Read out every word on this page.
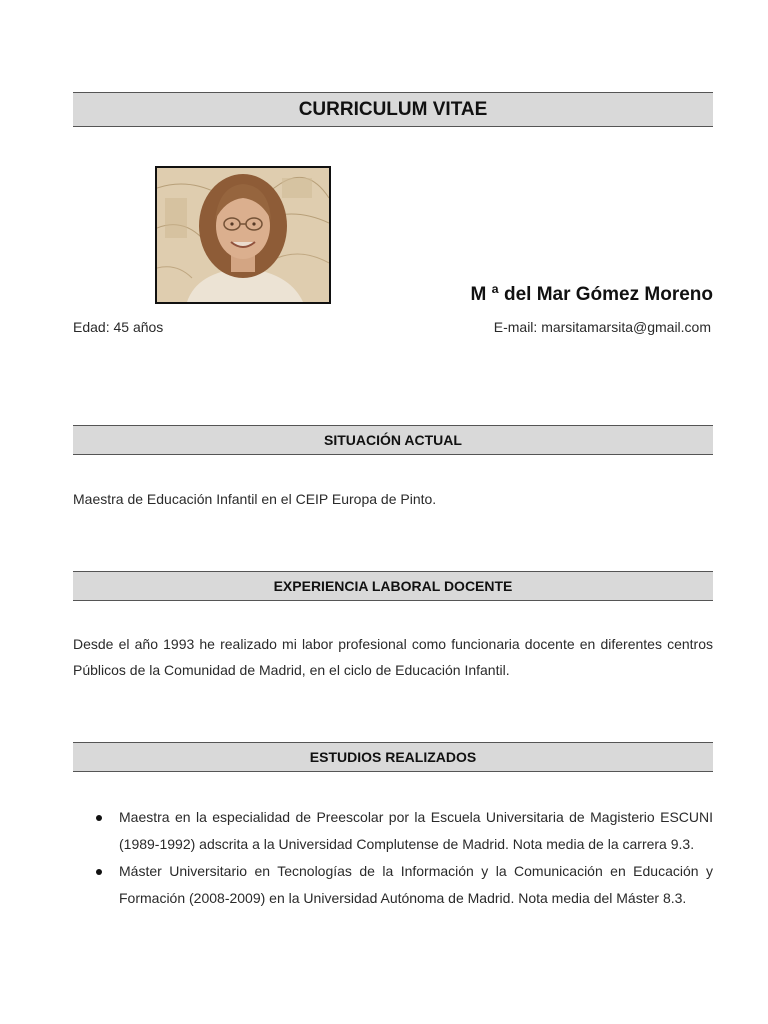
CURRICULUM VITAE
M ª del Mar Gómez Moreno
Edad: 45 años	E-mail: marsitamarsita@gmail.com
SITUACIÓN ACTUAL

Maestra de Educación Infantil en el CEIP Europa de Pinto.

EXPERIENCIA LABORAL DOCENTE

Desde el año 1993 he realizado mi labor profesional como funcionaria docente en diferentes centros Públicos de la Comunidad de Madrid, en el ciclo de Educación Infantil.

ESTUDIOS REALIZADOS
Maestra en la especialidad de Preescolar por la Escuela Universitaria de Magisterio ESCUNI (1989-1992) adscrita a la Universidad Complutense de Madrid. Nota media de la carrera 9.3.
Máster Universitario en Tecnologías de la Información y la Comunicación en Educación y Formación (2008-2009) en la Universidad Autónoma de Madrid. Nota media del Máster 8.3.
